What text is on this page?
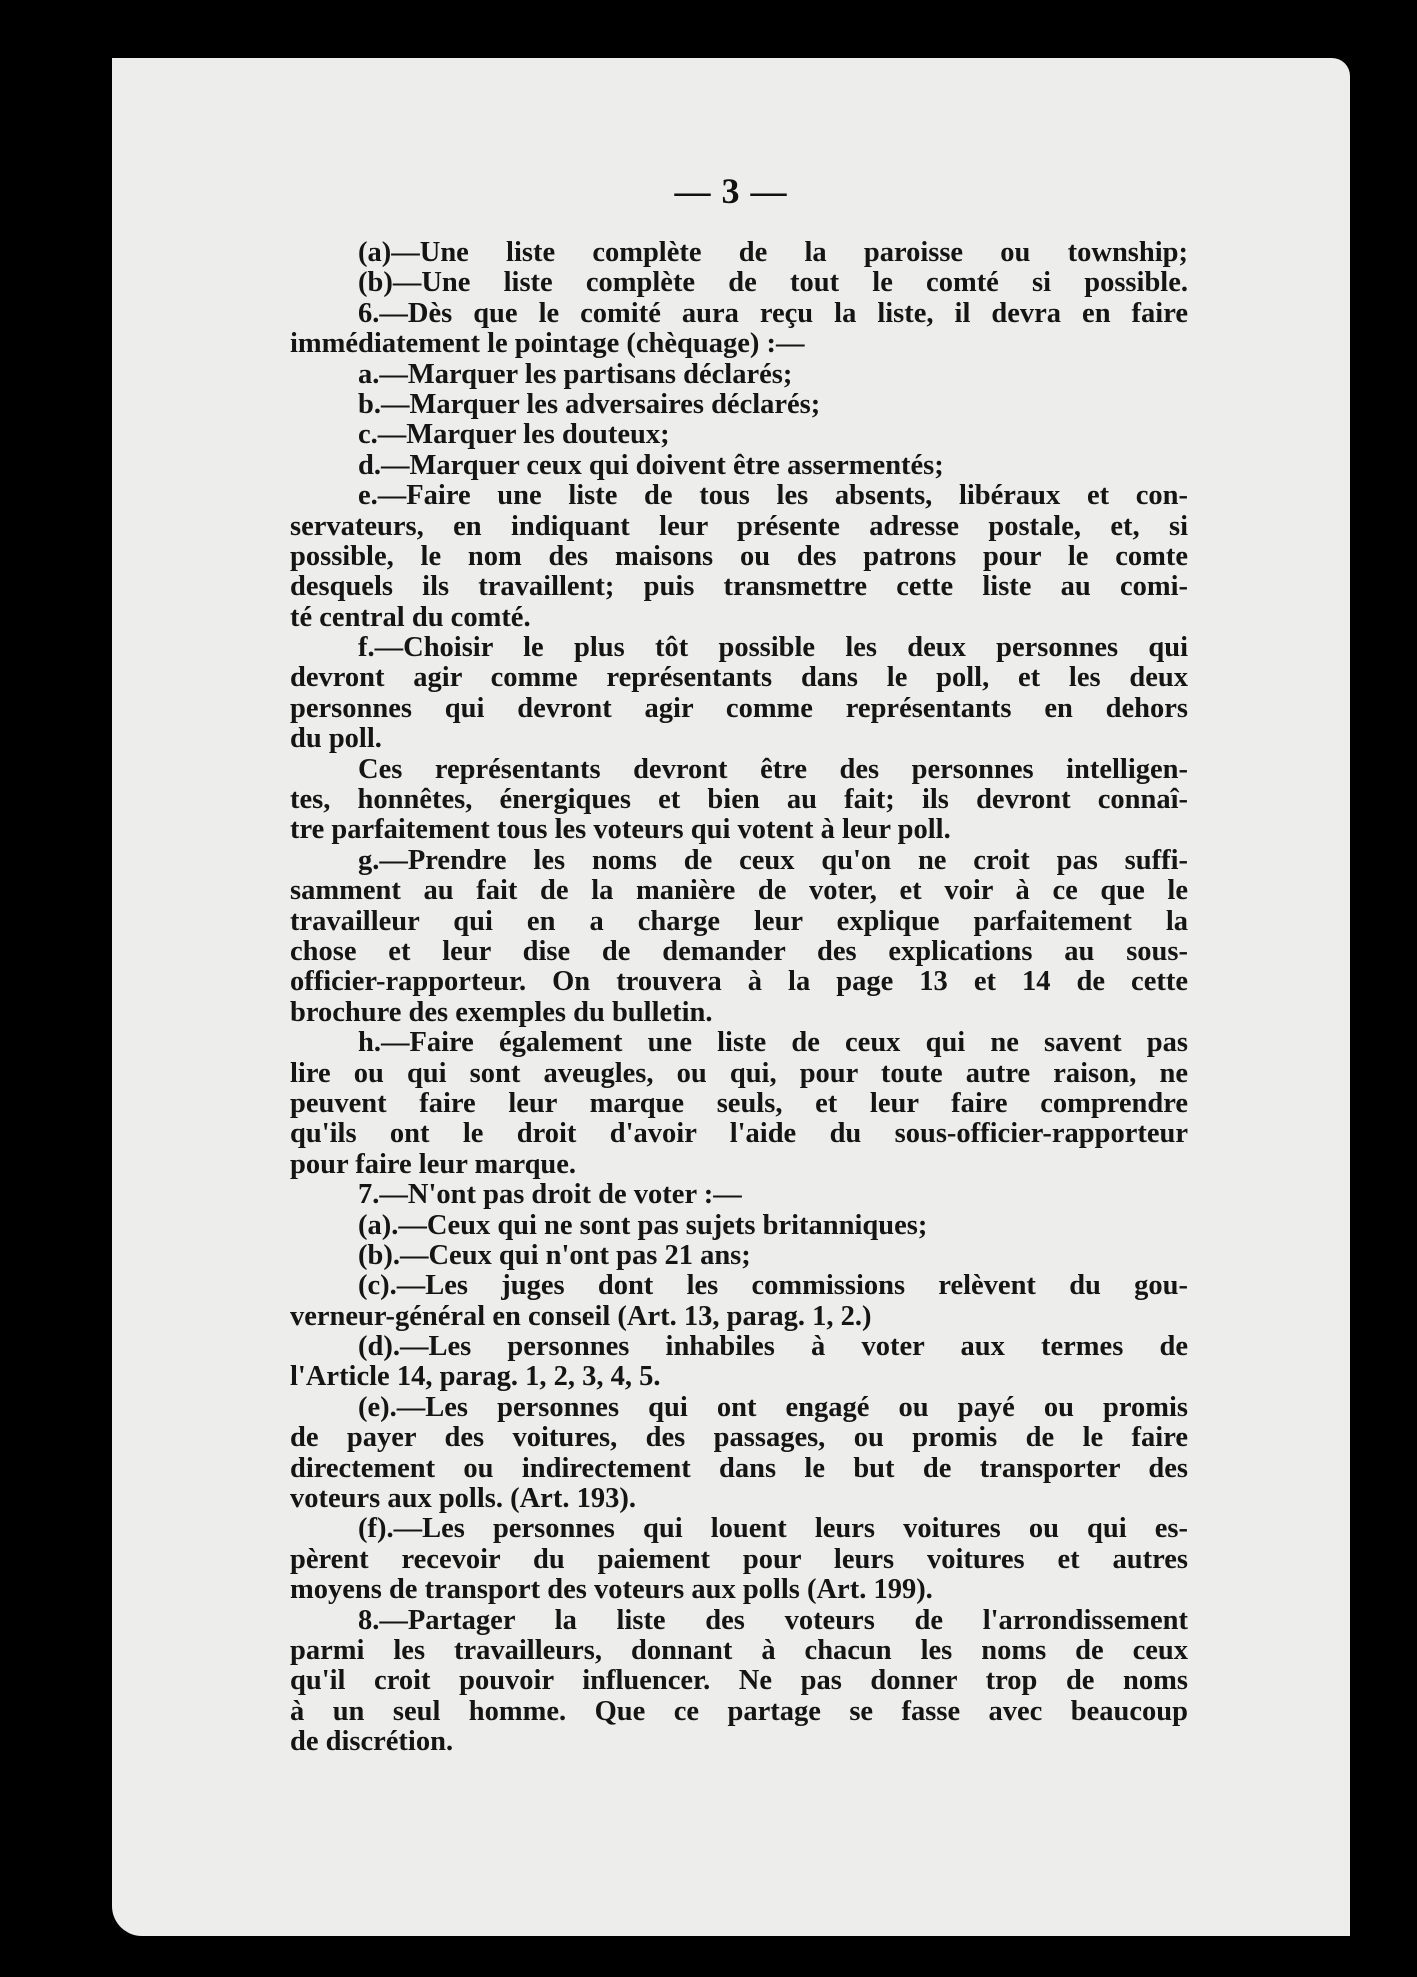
— 3 —
(a)—Une liste complète de la paroisse ou township;
(b)—Une liste complète de tout le comté si possible.
6.—Dès que le comité aura reçu la liste, il devra en faire
immédiatement le pointage (chèquage) :—
a.—Marquer les partisans déclarés;
b.—Marquer les adversaires déclarés;
c.—Marquer les douteux;
d.—Marquer ceux qui doivent être assermentés;
e.—Faire une liste de tous les absents, libéraux et con-
servateurs, en indiquant leur présente adresse postale, et, si
possible, le nom des maisons ou des patrons pour le comte
desquels ils travaillent; puis transmettre cette liste au comi-
té central du comté.
f.—Choisir le plus tôt possible les deux personnes qui
devront agir comme représentants dans le poll, et les deux
personnes qui devront agir comme représentants en dehors
du poll.
Ces représentants devront être des personnes intelligen-
tes, honnêtes, énergiques et bien au fait; ils devront connaî-
tre parfaitement tous les voteurs qui votent à leur poll.
g.—Prendre les noms de ceux qu'on ne croit pas suffi-
samment au fait de la manière de voter, et voir à ce que le
travailleur qui en a charge leur explique parfaitement la
chose et leur dise de demander des explications au sous-
officier-rapporteur. On trouvera à la page 13 et 14 de cette
brochure des exemples du bulletin.
h.—Faire également une liste de ceux qui ne savent pas
lire ou qui sont aveugles, ou qui, pour toute autre raison, ne
peuvent faire leur marque seuls, et leur faire comprendre
qu'ils ont le droit d'avoir l'aide du sous-officier-rapporteur
pour faire leur marque.
7.—N'ont pas droit de voter :—
(a).—Ceux qui ne sont pas sujets britanniques;
(b).—Ceux qui n'ont pas 21 ans;
(c).—Les juges dont les commissions relèvent du gou-
verneur-général en conseil (Art. 13, parag. 1, 2.)
(d).—Les personnes inhabiles à voter aux termes de
l'Article 14, parag. 1, 2, 3, 4, 5.
(e).—Les personnes qui ont engagé ou payé ou promis
de payer des voitures, des passages, ou promis de le faire
directement ou indirectement dans le but de transporter des
voteurs aux polls. (Art. 193).
(f).—Les personnes qui louent leurs voitures ou qui es-
pèrent recevoir du paiement pour leurs voitures et autres
moyens de transport des voteurs aux polls (Art. 199).
8.—Partager la liste des voteurs de l'arrondissement
parmi les travailleurs, donnant à chacun les noms de ceux
qu'il croit pouvoir influencer. Ne pas donner trop de noms
à un seul homme. Que ce partage se fasse avec beaucoup
de discrétion.
